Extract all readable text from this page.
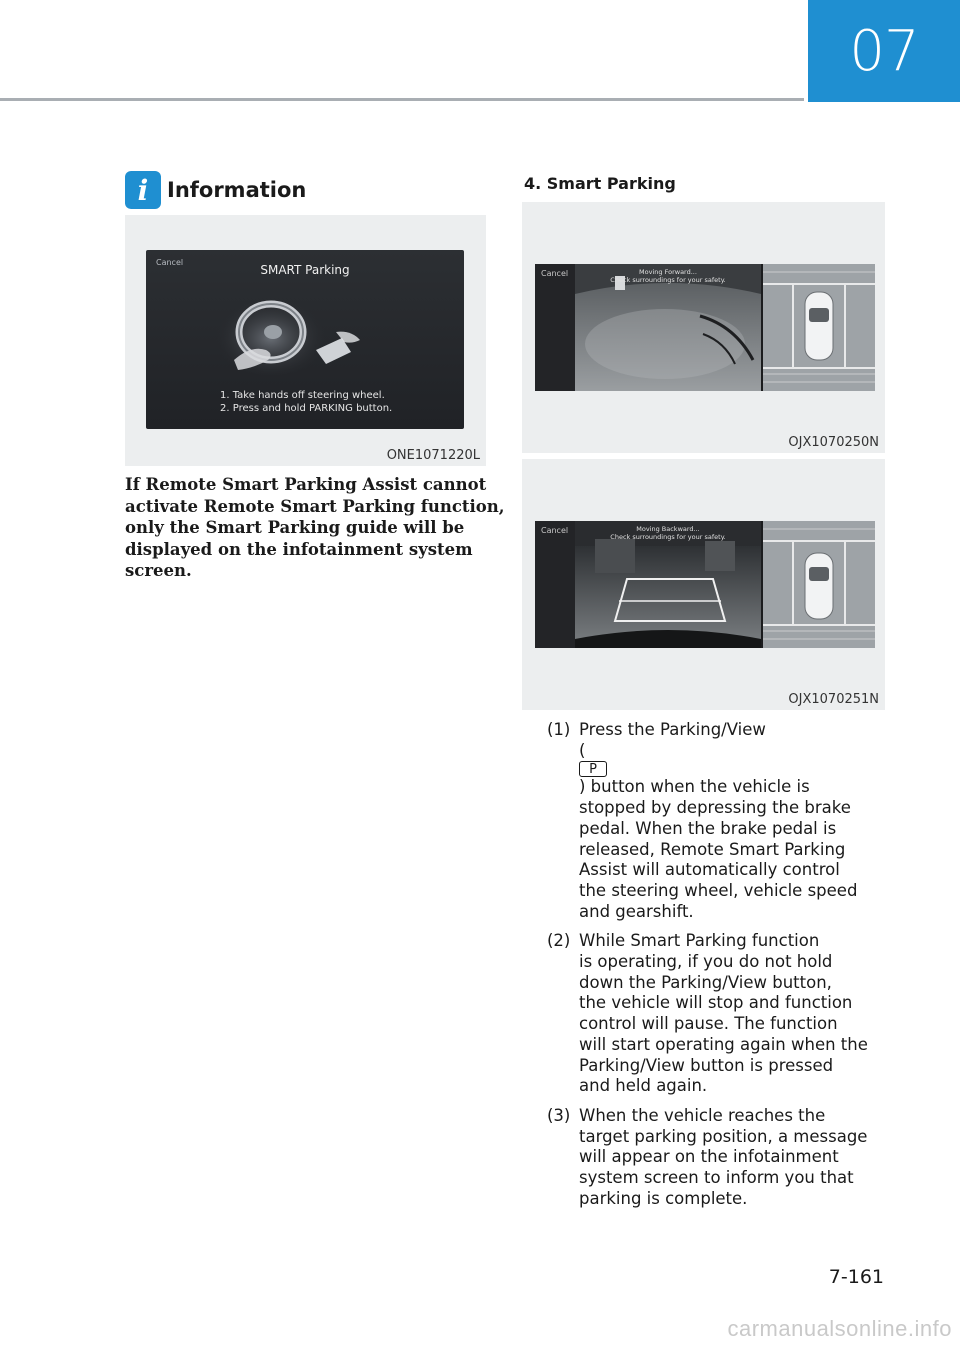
07
i Information
Cancel
SMART Parking
1. Take hands off steering wheel.
2. Press and hold PARKING button.
ONE1071220L
If Remote Smart Parking Assist cannot
activate Remote Smart Parking function,
only the Smart Parking guide will be
displayed on the infotainment system
screen.
4. Smart Parking
Cancel	Moving Forward...
Check surroundings for your safety.
OJX1070250N
Cancel	Moving Backward...
Check surroundings for your safety.
OJX1070251N
(1) Press the Parking/View
(
P
) button when the vehicle is
stopped by depressing the brake
pedal. When the brake pedal is
released, Remote Smart Parking
Assist will automatically control
the steering wheel, vehicle speed
and gearshift.
(2) While Smart Parking function
is operating, if you do not hold
down the Parking/View button,
the vehicle will stop and function
control will pause. The function
will start operating again when the
Parking/View button is pressed
and held again.
(3) When the vehicle reaches the
target parking position, a message
will appear on the infotainment
system screen to inform you that
parking is complete.
7-161
carmanualsonline.info
